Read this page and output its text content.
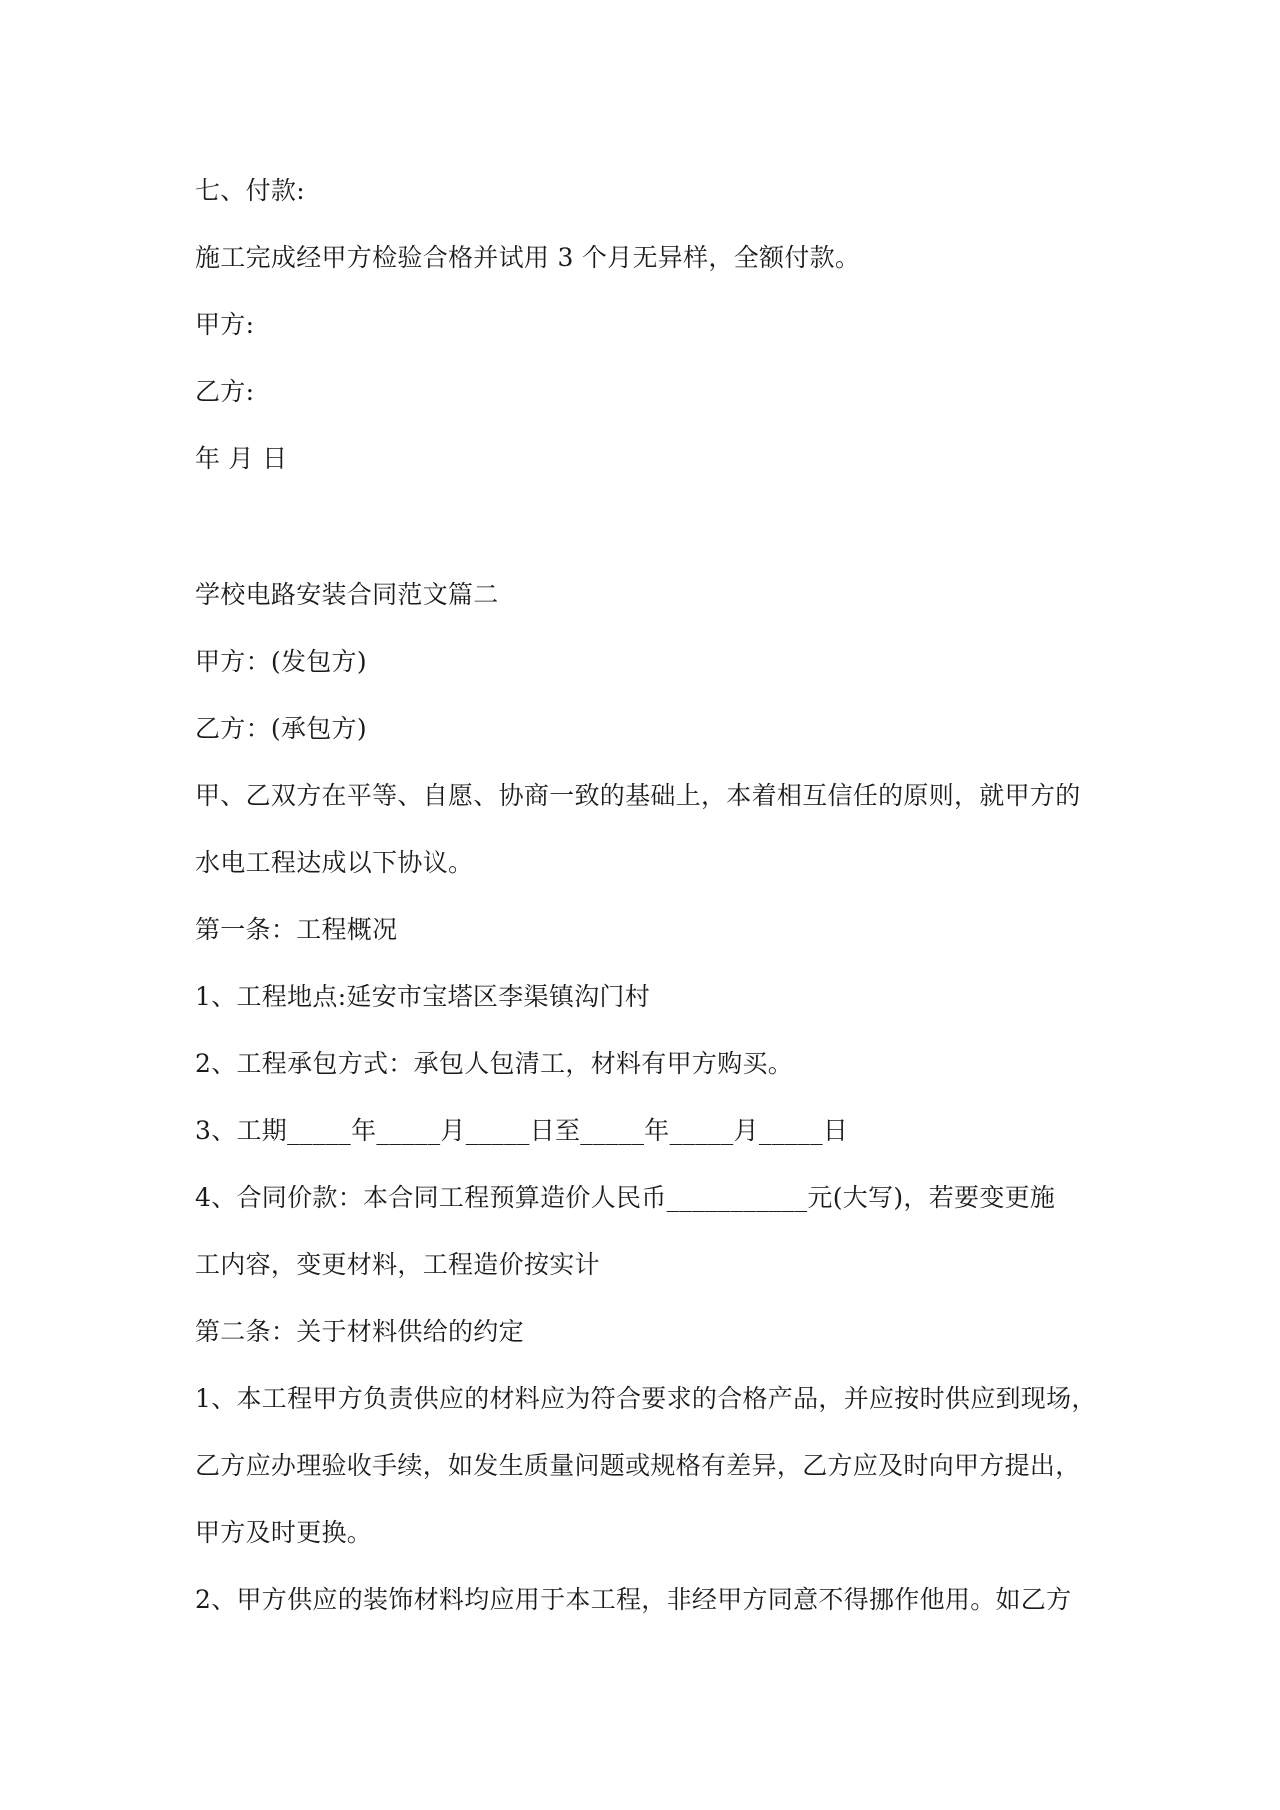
七、付款:
施工完成经甲方检验合格并试用 3 个月无异样，全额付款。
甲方:
乙方:
年 月 日
学校电路安装合同范文篇二
甲方：(发包方)
乙方：(承包方)
甲、乙双方在平等、自愿、协商一致的基础上，本着相互信任的原则，就甲方的
水电工程达成以下协议。
第一条：工程概况
1、工程地点:延安市宝塔区李渠镇沟门村
2、工程承包方式：承包人包清工，材料有甲方购买。
3、工期_____年_____月_____日至_____年_____月_____日
4、合同价款：本合同工程预算造价人民币___________元(大写)，若要变更施
工内容，变更材料，工程造价按实计
第二条：关于材料供给的约定
1、本工程甲方负责供应的材料应为符合要求的合格产品，并应按时供应到现场，
乙方应办理验收手续，如发生质量问题或规格有差异，乙方应及时向甲方提出，
甲方及时更换。
2、甲方供应的装饰材料均应用于本工程，非经甲方同意不得挪作他用。如乙方
